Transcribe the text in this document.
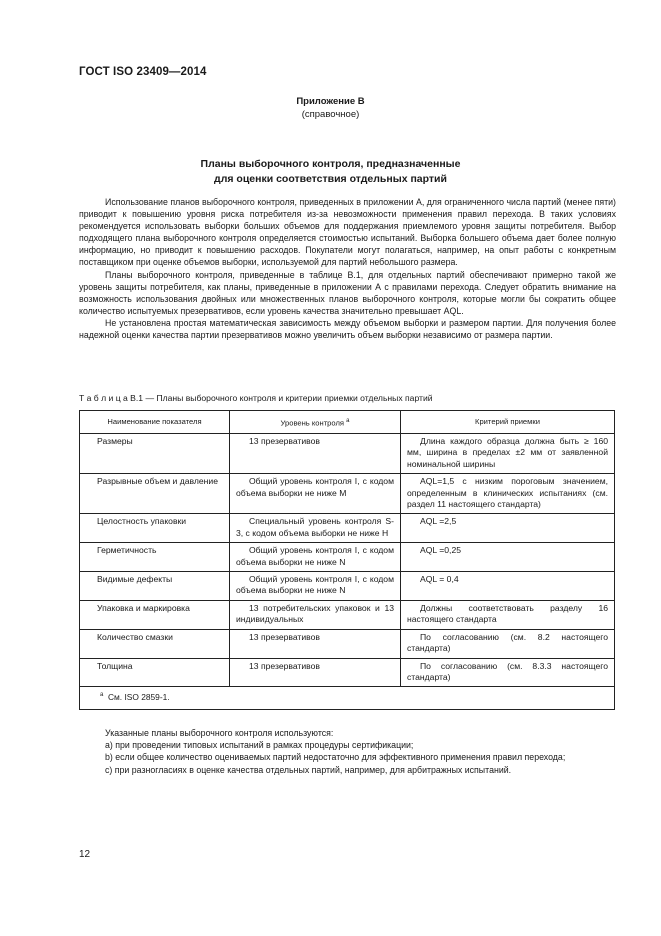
ГОСТ ISO 23409—2014
Приложение В
(справочное)
Планы выборочного контроля, предназначенные
для оценки соответствия отдельных партий

Использование планов выборочного контроля, приведенных в приложении А, для ограниченного числа партий (менее пяти) приводит к повышению уровня риска потребителя из-за невозможности применения правил перехода. В таких условиях рекомендуется использовать выборки больших объемов для поддержания приемлемого уровня защиты потребителя. Выбор подходящего плана выборочного контроля определяется стоимостью испытаний. Выборка большего объема дает более полную информацию, но приводит к повышению расходов. Покупатели могут полагаться, например, на опыт работы с конкретным поставщиком при оценке объемов выборки, используемой для партий небольшого размера.

Планы выборочного контроля, приведенные в таблице В.1, для отдельных партий обеспечивают примерно такой же уровень защиты потребителя, как планы, приведенные в приложении А с правилами перехода. Следует обратить внимание на возможность использования двойных или множественных планов выборочного контроля, которые могли бы сократить общее количество испытуемых презервативов, если уровень качества значительно превышает AQL.

Не установлена простая математическая зависимость между объемом выборки и размером партии. Для получения более надежной оценки качества партии презервативов можно увеличить объем выборки независимо от размера партии.

Т а б л и ц а В.1 — Планы выборочного контроля и критерии приемки отдельных партий
Наименование показателя	Уровень контроля $^а$	Критерий приемки
Размеры	13 презервативов	Длина каждого образца должна быть ≥ 160 мм, ширина в пределах ±2 мм от заявленной номинальной ширины
Разрывные объем и давление	Общий уровень контроля I, с кодом объема выборки не ниже М	AQL=1,5 с низким пороговым значением, определенным в клинических испытаниях (см. раздел 11 настоящего стандарта)
Целостность упаковки	Специальный уровень контроля S-3, с кодом объема выборки не ниже Н	AQL =2,5
Герметичность	Общий уровень контроля I, с кодом объема выборки не ниже N	AQL =0,25
Видимые дефекты	Общий уровень контроля I, с кодом объема выборки не ниже N	AQL = 0,4
Упаковка и маркировка	13 потребительских упаковок и 13 индивидуальных	Должны соответствовать разделу 16 настоящего стандарта
Количество смазки	13 презервативов	По согласованию (см. 8.2 настоящего стандарта)
Толщина	13 презервативов	По согласованию (см. 8.3.3 настоящего стандарта)
$^а$ См. ISO 2859-1.		

Указанные планы выборочного контроля используются:

а) при проведении типовых испытаний в рамках процедуры сертификации;

b) если общее количество оцениваемых партий недостаточно для эффективного применения правил перехода;

с) при разногласиях в оценке качества отдельных партий, например, для арбитражных испытаний.

12
